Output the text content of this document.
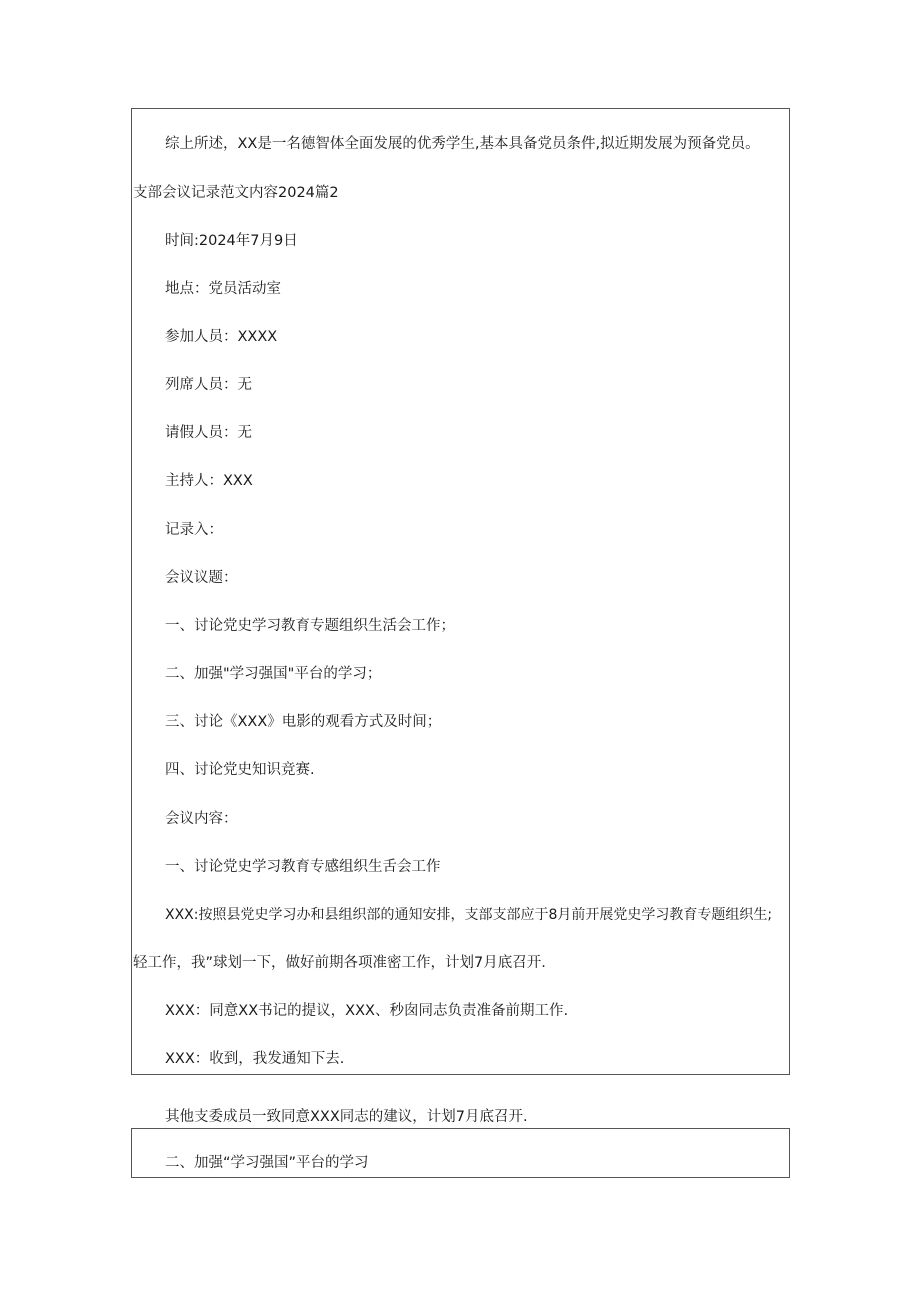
综上所述，XX是一名德智体全面发展的优秀学生,基本具备党员条件,拟近期发展为预备党员。
支部会议记录范文内容2024篇2
时间:2024年7月9日
地点：党员活动室
参加人员：XXXX
列席人员：无
请假人员：无
主持人：XXX
记录入：
会议议题：
一、讨论党史学习教育专题组织生活会工作；
二、加强"学习强国"平台的学习；
三、讨论《XXX》电影的观看方式及时间；
四、讨论党史知识竞赛.
会议内容：
一、讨论党史学习教育专感组织生舌会工作
XXX:按照县党史学习办和县组织部的通知安排，支部支部应于8月前开展党史学习教育专题组织生;
轻工作，我”球划一下，做好前期各项准密工作，计划7月底召开.
XXX：同意XX书记的提议，XXX、秒囱同志负责准备前期工作.
XXX：收到，我发通知下去.
其他支委成员一致同意XXX同志的建议，计划7月底召开.
二、加强“学习强国”平台的学习
